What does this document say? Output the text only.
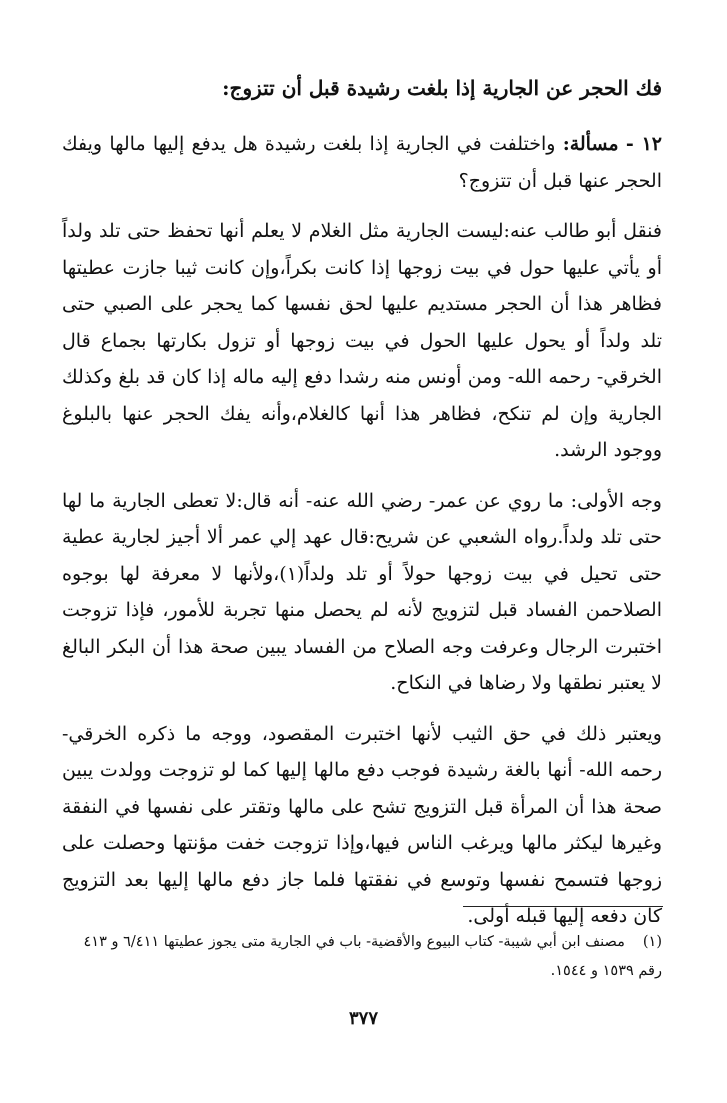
فك الحجر عن الجارية إذا بلغت رشيدة قبل أن تتزوج:

١٢ - مسألة: واختلفت في الجارية إذا بلغت رشيدة هل يدفع إليها مالها ويفك الحجر عنها قبل أن تتزوج؟

فنقل أبو طالب عنه:ليست الجارية مثل الغلام لا يعلم أنها تحفظ حتى تلد ولداً أو يأتي عليها حول في بيت زوجها إذا كانت بكراً،وإن كانت ثيبا جازت عطيتها فظاهر هذا أن الحجر مستديم عليها لحق نفسها كما يحجر على الصبي حتى تلد ولداً أو يحول عليها الحول في بيت زوجها أو تزول بكارتها بجماع قال الخرقي- رحمه الله- ومن أونس منه رشدا دفع إليه ماله إذا كان قد بلغ وكذلك الجارية وإن لم تنكح، فظاهر هذا أنها كالغلام،وأنه يفك الحجر عنها بالبلوغ ووجود الرشد.

وجه الأولى: ما روي عن عمر- رضي الله عنه- أنه قال:لا تعطى الجارية ما لها حتى تلد ولداً.رواه الشعبي عن شريح:قال عهد إلي عمر ألا أجيز لجارية عطية حتى تحيل في بيت زوجها حولاً أو تلد ولداً(١)،ولأنها لا معرفة لها بوجوه الصلاحمن الفساد قبل لتزويج لأنه لم يحصل منها تجربة للأمور، فإذا تزوجت اختبرت الرجال وعرفت وجه الصلاح من الفساد يبين صحة هذا أن البكر البالغ لا يعتبر نطقها ولا رضاها في النكاح.

ويعتبر ذلك في حق الثيب لأنها اختبرت المقصود، ووجه ما ذكره الخرقي- رحمه الله- أنها بالغة رشيدة فوجب دفع مالها إليها كما لو تزوجت وولدت يبين صحة هذا أن المرأة قبل التزويج تشح على مالها وتقتر على نفسها في النفقة وغيرها ليكثر مالها ويرغب الناس فيها،وإذا تزوجت خفت مؤنتها وحصلت على زوجها فتسمح نفسها وتوسع في نفقتها فلما جاز دفع مالها إليها بعد التزويج كان دفعه إليها قبله أولى.

(١)مصنف ابن أبي شيبة- كتاب البيوع والأقضية- باب في الجارية متى يجوز عطيتها ٦/٤١١ و ٤١٣ رقم ١٥٣٩ و ١٥٤٤.
٣٧٧
